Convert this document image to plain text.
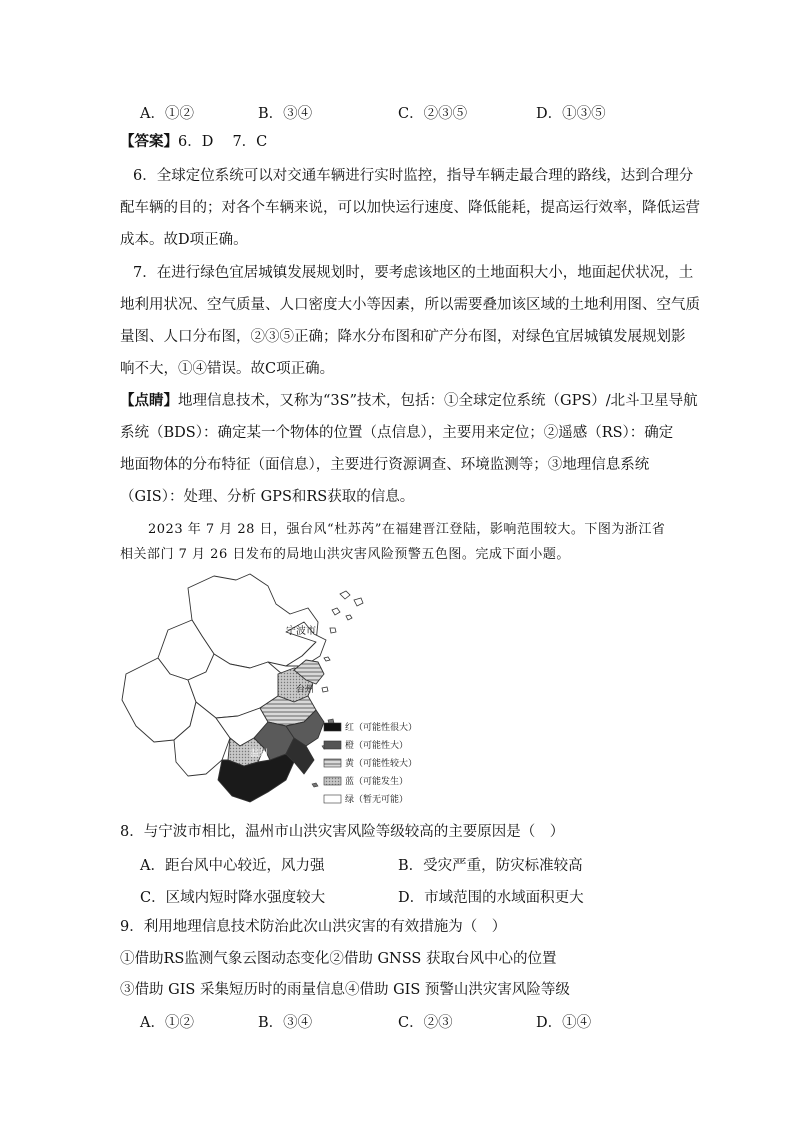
A．①②	B．③④	C．②③⑤	D．①③⑤
【答案】6．D　 7．C
6．全球定位系统可以对交通车辆进行实时监控，指导车辆走最合理的路线，达到合理分
配车辆的目的；对各个车辆来说，可以加快运行速度、降低能耗，提高运行效率，降低运营
成本。故D项正确。
7．在进行绿色宜居城镇发展规划时，要考虑该地区的土地面积大小，地面起伏状况，土
地利用状况、空气质量、人口密度大小等因素，所以需要叠加该区域的土地利用图、空气质
量图、人口分布图，②③⑤正确；降水分布图和矿产分布图，对绿色宜居城镇发展规划影
响不大，①④错误。故C项正确。
【点睛】地理信息技术，又称为“3S”技术，包括：①全球定位系统（GPS）/北斗卫星导航
系统（BDS）：确定某一个物体的位置（点信息），主要用来定位；②遥感（RS）：确定
地面物体的分布特征（面信息），主要进行资源调查、环境监测等；③地理信息系统
（GIS）：处理、分析 GPS和RS获取的信息。
2023 年 7 月 28 日，强台风“杜苏芮”在福建晋江登陆，影响范围较大。下图为浙江省
相关部门 7 月 26 日发布的局地山洪灾害风险预警五色图。完成下面小题。
宁波市
台州
温州
红（可能性很大）
橙（可能性大）
黄（可能性较大）
蓝（可能发生）
绿（暂无可能）
8．与宁波市相比，温州市山洪灾害风险等级较高的主要原因是（　）
A．距台风中心较近，风力强	B．受灾严重，防灾标准较高
C．区域内短时降水强度较大	D．市域范围的水域面积更大
9．利用地理信息技术防治此次山洪灾害的有效措施为（　）
①借助RS监测气象云图动态变化②借助 GNSS 获取台风中心的位置
③借助 GIS 采集短历时的雨量信息④借助 GIS 预警山洪灾害风险等级
A．①②	B．③④	C．②③	D．①④
